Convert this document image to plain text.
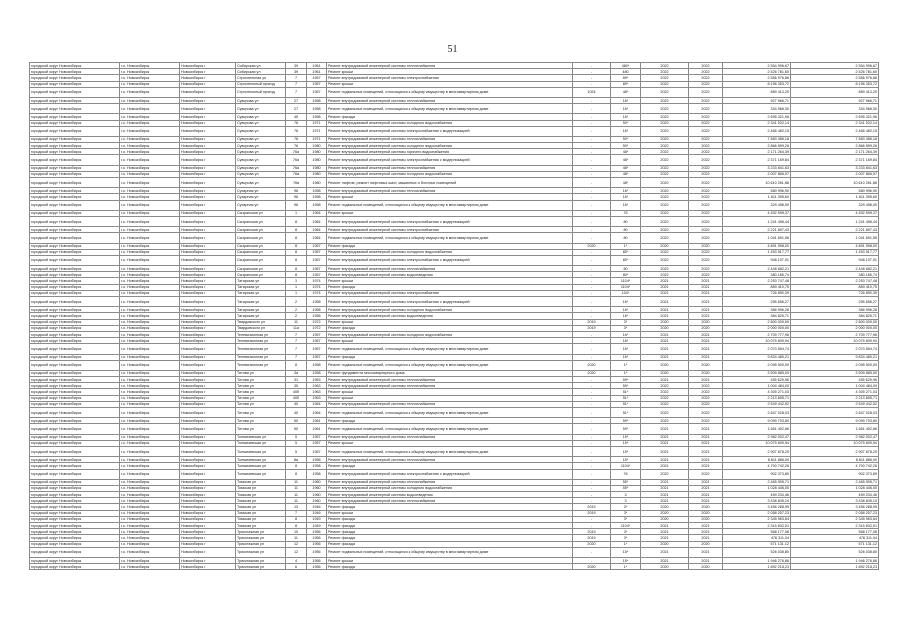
51
городской округ Новосибирск	г.о. Новосибирск	Новосибирск г	Сибирская ул	39	1961	Ремонт внутридомовой инженерной системы теплоснабжения	-	480*	2022	2022	2 554 996,67	2 554 996,67
городской округ Новосибирск	г.о. Новосибирск	Новосибирск г	Сибирская ул	39	1961	Ремонт крыши	-	480	2022	2022	2 526 781,60	2 526 781,60
городской округ Новосибирск	г.о. Новосибирск	Новосибирск г	Строительная ул	7	1957	Ремонт внутридомовой инженерной системы электроснабжения	-	89*	2022	2022	2 556 976,86	2 556 976,86
городской округ Новосибирск	г.о. Новосибирск	Новосибирск г	Строительный проезд	7	1957	Ремонт крыши	-	89*	2022	2022	8 196 353,72	8 196 353,72
городской округ Новосибирск	г.о. Новосибирск	Новосибирск г	Строительный проезд	7	1957	Ремонт подвальных помещений, относящихся к общему имуществу в многоквартирном доме	1024	48*	2022	2022	889 413,20	889 413,20
городской округ Новосибирск	г.о. Новосибирск	Новосибирск г	Суворова ул	27	1958	Ремонт внутридомовой инженерной системы теплоснабжения	-	16*	2022	2022	927 966,71	927 966,71
городской округ Новосибирск	г.о. Новосибирск	Новосибирск г	Суворова ул	27	1958	Ремонт подвальных помещений, относящихся к общему имуществу в многоквартирном доме	-	16*	2022	2022	334 968,30	334 968,30
городской округ Новосибирск	г.о. Новосибирск	Новосибирск г	Суворова ул	45	1958	Ремонт фасада	-	16*	2022	2022	2 695 321,96	2 695 321,96
городской округ Новосибирск	г.о. Новосибирск	Новосибирск г	Суворова ул	76	1971	Ремонт внутридомовой инженерной системы холодного водоснабжения	-	50*	2022	2022	2 341 532,14	2 341 532,14
городской округ Новосибирск	г.о. Новосибирск	Новосибирск г	Суворова ул	76	1971	Ремонт внутридомовой инженерной системы электроснабжения с модернизацией	-	16*	2022	2022	2 466 482,15	2 466 482,15
городской округ Новосибирск	г.о. Новосибирск	Новосибирск г	Суворова ул	76	1971	Ремонт внутридомовой инженерной системы теплоснабжения	-	50*	2022	2022	7 683 386,18	7 683 386,18
городской округ Новосибирск	г.о. Новосибирск	Новосибирск г	Суворова ул	76	1980	Ремонт внутридомовой инженерной системы холодного водоснабжения	-	50*	2022	2022	2 866 899,26	2 866 899,26
городской округ Новосибирск	г.о. Новосибирск	Новосибирск г	Суворова ул	76а	1980	Ремонт внутридомовой инженерной системы горячего водоснабжения	-	48*	2022	2022	2 171 264,39	2 171 264,39
городской округ Новосибирск	г.о. Новосибирск	Новосибирск г	Суворова ул	76а	1980	Ремонт внутридомовой инженерной системы электроснабжения с модернизацией	-	48*	2022	2022	2 371 169,84	2 371 169,84
городской округ Новосибирск	г.о. Новосибирск	Новосибирск г	Суворова ул	76а	1980	Ремонт внутридомовой инженерной системы теплоснабжения	-	48*	2022	2022	3 233 841,63	3 233 841,63
городской округ Новосибирск	г.о. Новосибирск	Новосибирск г	Суворова ул	76а	1980	Ремонт внутридомовой инженерной системы холодного водоснабжения	-	48*	2022	2022	2 007 866,97	2 007 866,97
городской округ Новосибирск	г.о. Новосибирск	Новосибирск г	Суворова ул	76в	1980	Ремонт лифтов, ремонт лифтовых шахт, машинных и блочных помещений	-	48*	2022	2022	10 610 261,88	10 610 261,88
городской округ Новосибирск	г.о. Новосибирск	Новосибирск г	Сухарная ул	96	1958	Ремонт внутридомовой инженерной системы теплоснабжения	-	16*	2022	2022	580 996,90	580 996,90
городской округ Новосибирск	г.о. Новосибирск	Новосибирск г	Сухарная ул	96	1958	Ремонт крыши	-	16*	2022	2022	1 611 395,60	1 611 395,60
городской округ Новосибирск	г.о. Новосибирск	Новосибирск г	Сухарная ул	96	1958	Ремонт подвальных помещений, относящихся к общему имуществу в многоквартирном доме	-	16*	2022	2022	329 458,00	329 458,00
городской округ Новосибирск	г.о. Новосибирск	Новосибирск г	Сызранская ул	1	1964	Ремонт крыши	-	76	2022	2022	4 452 595,37	4 452 595,37
городской округ Новосибирск	г.о. Новосибирск	Новосибирск г	Сызранская ул	8	1964	Ремонт внутридомовой инженерной системы электроснабжения с модернизацией	-	80	2022	2022	1 241 496,44	1 241 496,44
городской округ Новосибирск	г.о. Новосибирск	Новосибирск г	Сызранская ул	8	1964	Ремонт внутридомовой инженерной системы электроснабжения	-	80	2022	2022	2 221 897,43	2 221 897,43
городской округ Новосибирск	г.о. Новосибирск	Новосибирск г	Сызранская ул	8	1964	Ремонт подвальных помещений, относящихся к общему имуществу в многоквартирном доме	-	80	2022	2022	1 041 691,56	1 041 691,56
городской округ Новосибирск	г.о. Новосибирск	Новосибирск г	Сызранская ул	8	1957	Ремонт фасада	2020	1*	2020	2020	4 891 998,00	4 891 998,00
городской округ Новосибирск	г.о. Новосибирск	Новосибирск г	Сызранская ул	8	1957	Ремонт внутридомовой инженерной системы холодного водоснабжения	-	80*	2022	2022	1 453 517,77	1 453 517,77
городской округ Новосибирск	г.о. Новосибирск	Новосибирск г	Сызранская ул	8	1957	Ремонт внутридомовой инженерной системы электроснабжения с модернизацией	-	80*	2022	2022	948 107,01	948 107,01
городской округ Новосибирск	г.о. Новосибирск	Новосибирск г	Сызранская ул	8	1957	Ремонт внутридомовой инженерной системы теплоснабжения	-	80	2022	2022	2 448 682,21	2 448 682,21
городской округ Новосибирск	г.о. Новосибирск	Новосибирск г	Сызранская ул	8	1957	Ремонт внутридомовой инженерной системы водоотведения	-	80*	2022	2022	380 165,74	380 165,74
городской округ Новосибирск	г.о. Новосибирск	Новосибирск г	Татарская ул	1	1974	Ремонт крыши	-	1104*	2021	2021	2 253 747,48	2 253 747,48
городской округ Новосибирск	г.о. Новосибирск	Новосибирск г	Татарская ул	1	1974	Ремонт фасада	-	1104*	2021	2021	869 410,75	869 410,75
городской округ Новосибирск	г.о. Новосибирск	Новосибирск г	Татарская ул	1	1974	Ремонт внутридомовой инженерной системы электроснабжения	-	104*	2021	2021	726 890,39	726 890,39
городской округ Новосибирск	г.о. Новосибирск	Новосибирск г	Татарская ул	2	1958	Ремонт внутридомовой инженерной системы электроснабжения с модернизацией	-	16*	2021	2021	255 658,27	255 658,27
городской округ Новосибирск	г.о. Новосибирск	Новосибирск г	Татарская ул	2	1958	Ремонт внутридомовой инженерной системы холодного водоснабжения	-	16*	2021	2021	386 996,28	386 996,28
городской округ Новосибирск	г.о. Новосибирск	Новосибирск г	Татарская ул	2	1958	Ремонт внутридомовой инженерной системы водоотведения	-	16*	2021	2021	384 825,71	384 825,71
городской округ Новосибирск	г.о. Новосибирск	Новосибирск г	Твардовского ул	11	1972	Ремонт крыши	2019	3*	2020	2020	2 800 000,00	2 800 000,00
городской округ Новосибирск	г.о. Новосибирск	Новосибирск г	Твардовского ул	11а	1972	Ремонт фасада	2019	3*	2020	2020	2 000 000,00	2 000 000,00
городской округ Новосибирск	г.о. Новосибирск	Новосибирск г	Телевизионная ул	7	1957	Ремонт внутридомовой инженерной системы холодного водоснабжения	-	16*	2021	2021	2 709 777,96	2 709 777,96
городской округ Новосибирск	г.о. Новосибирск	Новосибирск г	Телевизионная ул	7	1957	Ремонт крыши	-	16*	2021	2021	10 075 609,94	10 075 609,94
городской округ Новосибирск	г.о. Новосибирск	Новосибирск г	Телевизионная ул	7	1957	Ремонт подвальных помещений, относящихся к общему имуществу в многоквартирном доме	-	16*	2021	2021	2 070 554,74	2 070 554,74
городской округ Новосибирск	г.о. Новосибирск	Новосибирск г	Телевизионная ул	7	1957	Ремонт фасада	-	16*	2021	2021	9 834 480,21	9 834 480,21
городской округ Новосибирск	г.о. Новосибирск	Новосибирск г	Телевизионная ул	8	1958	Ремонт подвальных помещений, относящихся к общему имуществу в многоквартирном доме	2020	1*	2020	2020	2 095 500,00	2 095 500,00
городской округ Новосибирск	г.о. Новосибирск	Новосибирск г	Титова ул	3а	1958	Ремонт фундамента многоквартирного дома	2020	1*	2020	2020	3 509 885,00	3 509 885,00
городской округ Новосибирск	г.о. Новосибирск	Новосибирск г	Титова ул	31	1963	Ремонт внутридомовой инженерной системы теплоснабжения	-	59*	2021	2021	455 625,96	455 625,96
городской округ Новосибирск	г.о. Новосибирск	Новосибирск г	Титова ул	35	1963	Ремонт внутридомовой инженерной системы теплоснабжения	-	59*	2022	2022	1 004 484,00	1 004 484,00
городской округ Новосибирск	г.о. Новосибирск	Новосибирск г	Титова ул	40б	1963	Ремонт крыши	-	51*	2022	2022	4 305 271,03	4 305 271,03
городской округ Новосибирск	г.о. Новосибирск	Новосибирск г	Титова ул	40б	1963	Ремонт крыши	-	51*	2022	2022	2 213 655,71	2 213 655,71
городской округ Новосибирск	г.о. Новосибирск	Новосибирск г	Титова ул	40	1964	Ремонт внутридомовой инженерной системы теплоснабжения	-	51*	2022	2022	2 549 442,52	2 549 442,52
городской округ Новосибирск	г.о. Новосибирск	Новосибирск г	Титова ул	40	1964	Ремонт подвальных помещений, относящихся к общему имуществу в многоквартирном доме	-	51*	2022	2022	2 647 028,03	2 647 028,03
городской округ Новосибирск	г.о. Новосибирск	Новосибирск г	Титова ул	50	1961	Ремонт фасада	-	59*	2022	2022	9 099 703,80	9 099 703,80
городской округ Новосибирск	г.о. Новосибирск	Новосибирск г	Титова ул	50	1961	Ремонт подвальных помещений, относящихся к общему имуществу в многоквартирном доме	-	59*	2021	2021	1 661 402,66	1 661 402,66
городской округ Новосибирск	г.о. Новосибирск	Новосибирск г	Толмачевская ул	5	1957	Ремонт внутридомовой инженерной системы теплоснабжения	-	15*	2021	2021	2 982 002,47	2 982 002,47
городской округ Новосибирск	г.о. Новосибирск	Новосибирск г	Толмачевская ул	5	1957	Ремонт крыши	-	15*	2021	2021	10 075 609,94	10 075 609,94
городской округ Новосибирск	г.о. Новосибирск	Новосибирск г	Толмачевская ул	5	1957	Ремонт подвальных помещений, относящихся к общему имуществу в многоквартирном доме	-	15*	2021	2021	2 907 878,25	2 907 878,25
городской округ Новосибирск	г.о. Новосибирск	Новосибирск г	Толмачевская ул	8а	1958	Ремонт внутридомовой инженерной системы теплоснабжения	-	15*	2021	2021	8 811 886,00	8 811 886,00
городской округ Новосибирск	г.о. Новосибирск	Новосибирск г	Толмачевская ул	8	1958	Ремонт фасада	-	1104*	2021	2021	4 700 742,26	4 700 742,26
городской округ Новосибирск	г.о. Новосибирск	Новосибирск г	Толмачевская ул	8	1958	Ремонт внутридомовой инженерной системы электроснабжения с модернизацией	-	76	2022	2022	902 373,89	902 373,89
городской округ Новосибирск	г.о. Новосибирск	Новосибирск г	Томская ул	11	1960	Ремонт внутридомовой инженерной системы теплоснабжения	-	55*	2021	2021	2 465 905,71	2 465 905,71
городской округ Новосибирск	г.о. Новосибирск	Новосибирск г	Томская ул	11	1960	Ремонт внутридомовой инженерной системы холодного водоснабжения	-	55*	2021	2021	1 028 446,00	1 028 446,00
городской округ Новосибирск	г.о. Новосибирск	Новосибирск г	Томская ул	11	1960	Ремонт внутридомовой инженерной системы водоотведения	-	3	2021	2021	459 234,46	459 234,46
городской округ Новосибирск	г.о. Новосибирск	Новосибирск г	Томская ул	11	1960	Ремонт внутридомовой инженерной системы теплоснабжения	-	3	2021	2021	3 438 845,10	3 438 845,10
городской округ Новосибирск	г.о. Новосибирск	Новосибирск г	Томская ул	13	1946	Ремонт фасада	2019	3*	2020	2020	3 456 288,95	3 456 288,95
городской округ Новосибирск	г.о. Новосибирск	Новосибирск г	Томская ул	7	1946	Ремонт крыши	2019	3*	2020	2020	2 058 207,23	2 058 207,23
городской округ Новосибирск	г.о. Новосибирск	Новосибирск г	Томская ул	8	1949	Ремонт фасада	-	3*	2020	2020	2 345 963,64	2 345 963,64
городской округ Новосибирск	г.о. Новосибирск	Новосибирск г	Томская ул	8	1949	Ремонт фасада	-	1104*	2021	2021	2 315 832,51	2 315 832,51
городской округ Новосибирск	г.о. Новосибирск	Новосибирск г	Трикотажная ул	10	1956	Ремонт фасада	2019	3*	2021	2021	568 177,08	568 177,08
городской округ Новосибирск	г.о. Новосибирск	Новосибирск г	Трикотажная ул	11	1956	Ремонт фасада	2019	3*	2021	2021	478 311,04	478 311,04
городской округ Новосибирск	г.о. Новосибирск	Новосибирск г	Трикотажная ул	12	1956	Ремонт фасада	2020	1*	2020	2020	571 131,12	571 131,12
городской округ Новосибирск	г.о. Новосибирск	Новосибирск г	Трикотажная ул	12	1956	Ремонт подвальных помещений, относящихся к общему имуществу в многоквартирном доме	-	15*	2021	2021	526 038,80	526 038,80
городской округ Новосибирск	г.о. Новосибирск	Новосибирск г	Трикотажная ул	4	1956	Ремонт крыши	-	15*	2021	2021	1 946 276,86	1 946 276,86
городской округ Новосибирск	г.о. Новосибирск	Новосибирск г	Трикотажная ул	6	1956	Ремонт фасада	2020	1*	2020	2020	1 892 218,23	1 892 218,23
